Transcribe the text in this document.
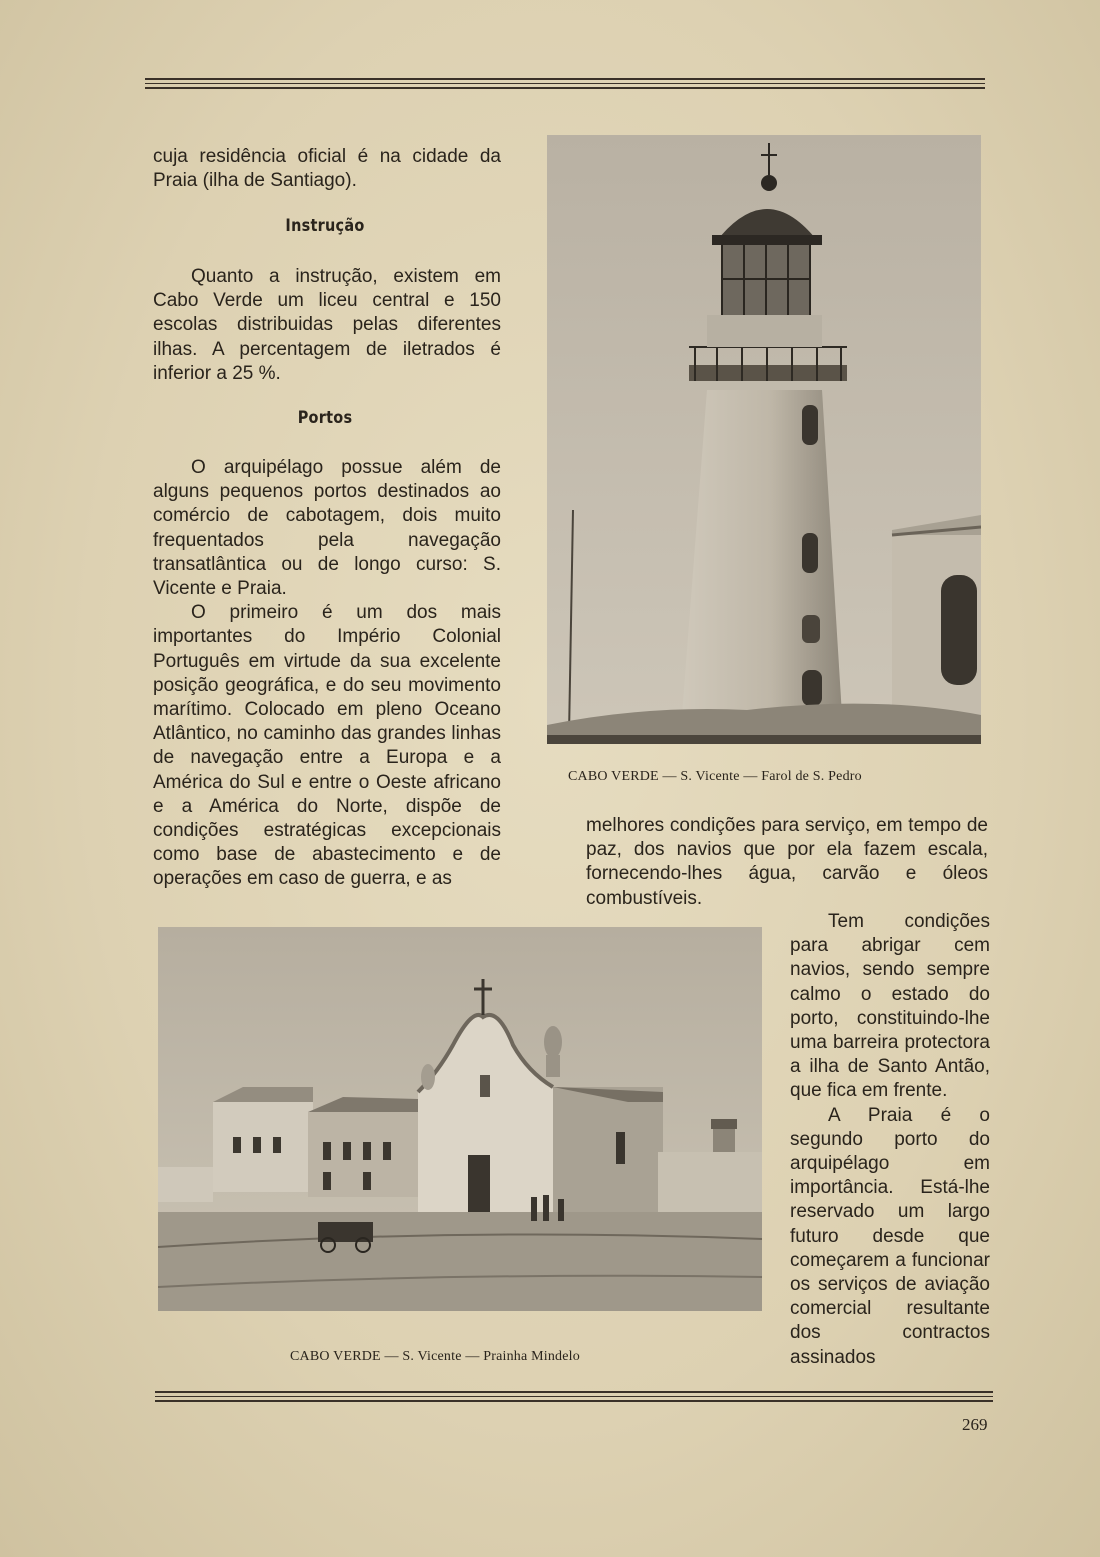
cuja residência oficial é na cidade da Praia (ilha de Santiago).

Instrução

Quanto a instrução, existem em Cabo Verde um liceu central e 150 escolas distribuidas pelas diferentes ilhas. A percentagem de iletrados é inferior a 25 %.

Portos

O arquipélago possue além de alguns pequenos portos destinados ao comércio de cabotagem, dois muito frequentados pela navegação transatlântica ou de longo curso: S. Vicente e Praia.

O primeiro é um dos mais importantes do Império Colonial Português em virtude da sua excelente posição geográfica, e do seu movimento marítimo. Colocado em pleno Oceano Atlântico, no caminho das grandes linhas de navegação entre a Europa e a América do Sul e entre o Oeste africano e a América do Norte, dispõe de condições estratégicas excepcionais como base de abastecimento e de operações em caso de guerra, e as

CABO VERDE — S. Vicente — Farol de S. Pedro

melhores condições para serviço, em tempo de paz, dos navios que por ela fazem escala, fornecendo-lhes água, carvão e óleos combustíveis.

Tem condições para abrigar cem navios, sendo sempre calmo o estado do porto, constituindo-lhe uma barreira protectora a ilha de Santo Antão, que fica em frente.

A Praia é o segundo porto do arquipélago em importância. Está-lhe reservado um largo futuro desde que começarem a funcionar os serviços de aviação comercial resultante dos contractos assinados

CABO VERDE — S. Vicente — Prainha Mindelo
269
